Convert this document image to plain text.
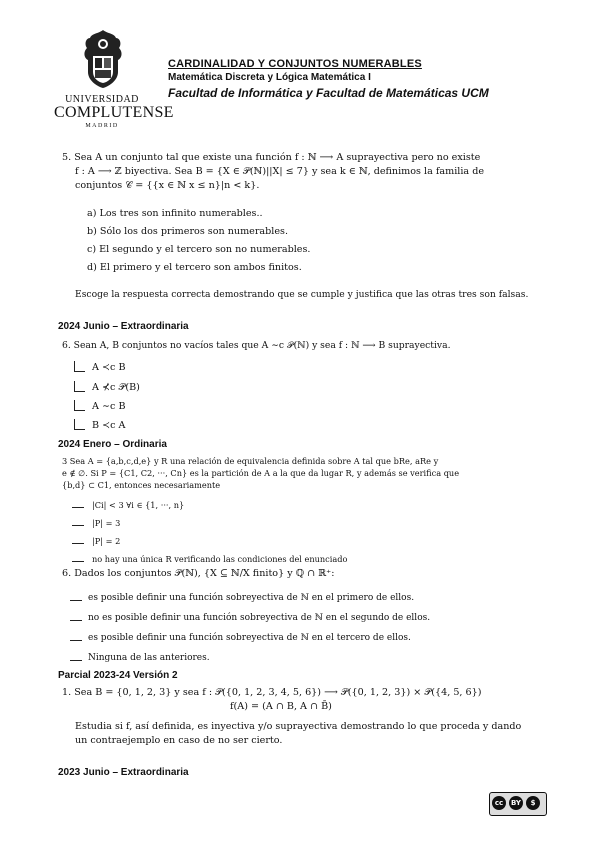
UNIVERSIDAD
COMPLUTENSE
MADRID
CARDINALIDAD Y CONJUNTOS NUMERABLES
Matemática Discreta y Lógica Matemática I
Facultad de Informática y Facultad de Matemáticas UCM
5. Sea A un conjunto tal que existe una función f : ℕ ⟶ A suprayectiva pero no existe
f : A ⟶ ℤ biyectiva. Sea B = {X ∈ 𝒫(ℕ)||X| ≤ 7} y sea k ∈ ℕ, definimos la familia de
conjuntos 𝒞 = {{x ∈ ℕ x ≤ n}|n < k}.
a) Los tres son infinito numerables..
b) Sólo los dos primeros son numerables.
c) El segundo y el tercero son no numerables.
d) El primero y el tercero son ambos finitos.
Escoge la respuesta correcta demostrando que se cumple y justifica que las otras tres son falsas.
2024 Junio – Extraordinaria
6. Sean A, B conjuntos no vacíos tales que A ∼c 𝒫(ℕ) y sea f : ℕ ⟶ B suprayectiva.
A ≺c B
A ⊀c 𝒫(B)
A ∼c B
B ≺c A
2024 Enero – Ordinaria
3 Sea A = {a,b,c,d,e} y R una relación de equivalencia definida sobre A tal que bRe, aRe y
e ∉ ∅. Si P = {C1, C2, ···, Cn} es la partición de A a la que da lugar R, y además se verifica que
{b,d} ⊂ C1, entonces necesariamente
|Ci| < 3 ∀i ∈ {1, ···, n}
|P| = 3
|P| = 2
no hay una única R verificando las condiciones del enunciado
6. Dados los conjuntos 𝒫(ℕ), {X ⊆ ℕ/X finito} y ℚ ∩ ℝ⁺:
es posible definir una función sobreyectiva de ℕ en el primero de ellos.
no es posible definir una función sobreyectiva de ℕ en el segundo de ellos.
es posible definir una función sobreyectiva de ℕ en el tercero de ellos.
Ninguna de las anteriores.
Parcial 2023-24 Versión 2
1. Sea B = {0, 1, 2, 3} y sea f : 𝒫({0, 1, 2, 3, 4, 5, 6}) ⟶ 𝒫({0, 1, 2, 3}) × 𝒫({4, 5, 6})
f(A) = (A ∩ B, A ∩ B̄)
Estudia si f, así definida, es inyectiva y/o suprayectiva demostrando lo que proceda y dando
un contraejemplo en caso de no ser cierto.
2023 Junio – Extraordinaria
cc	BY	$
